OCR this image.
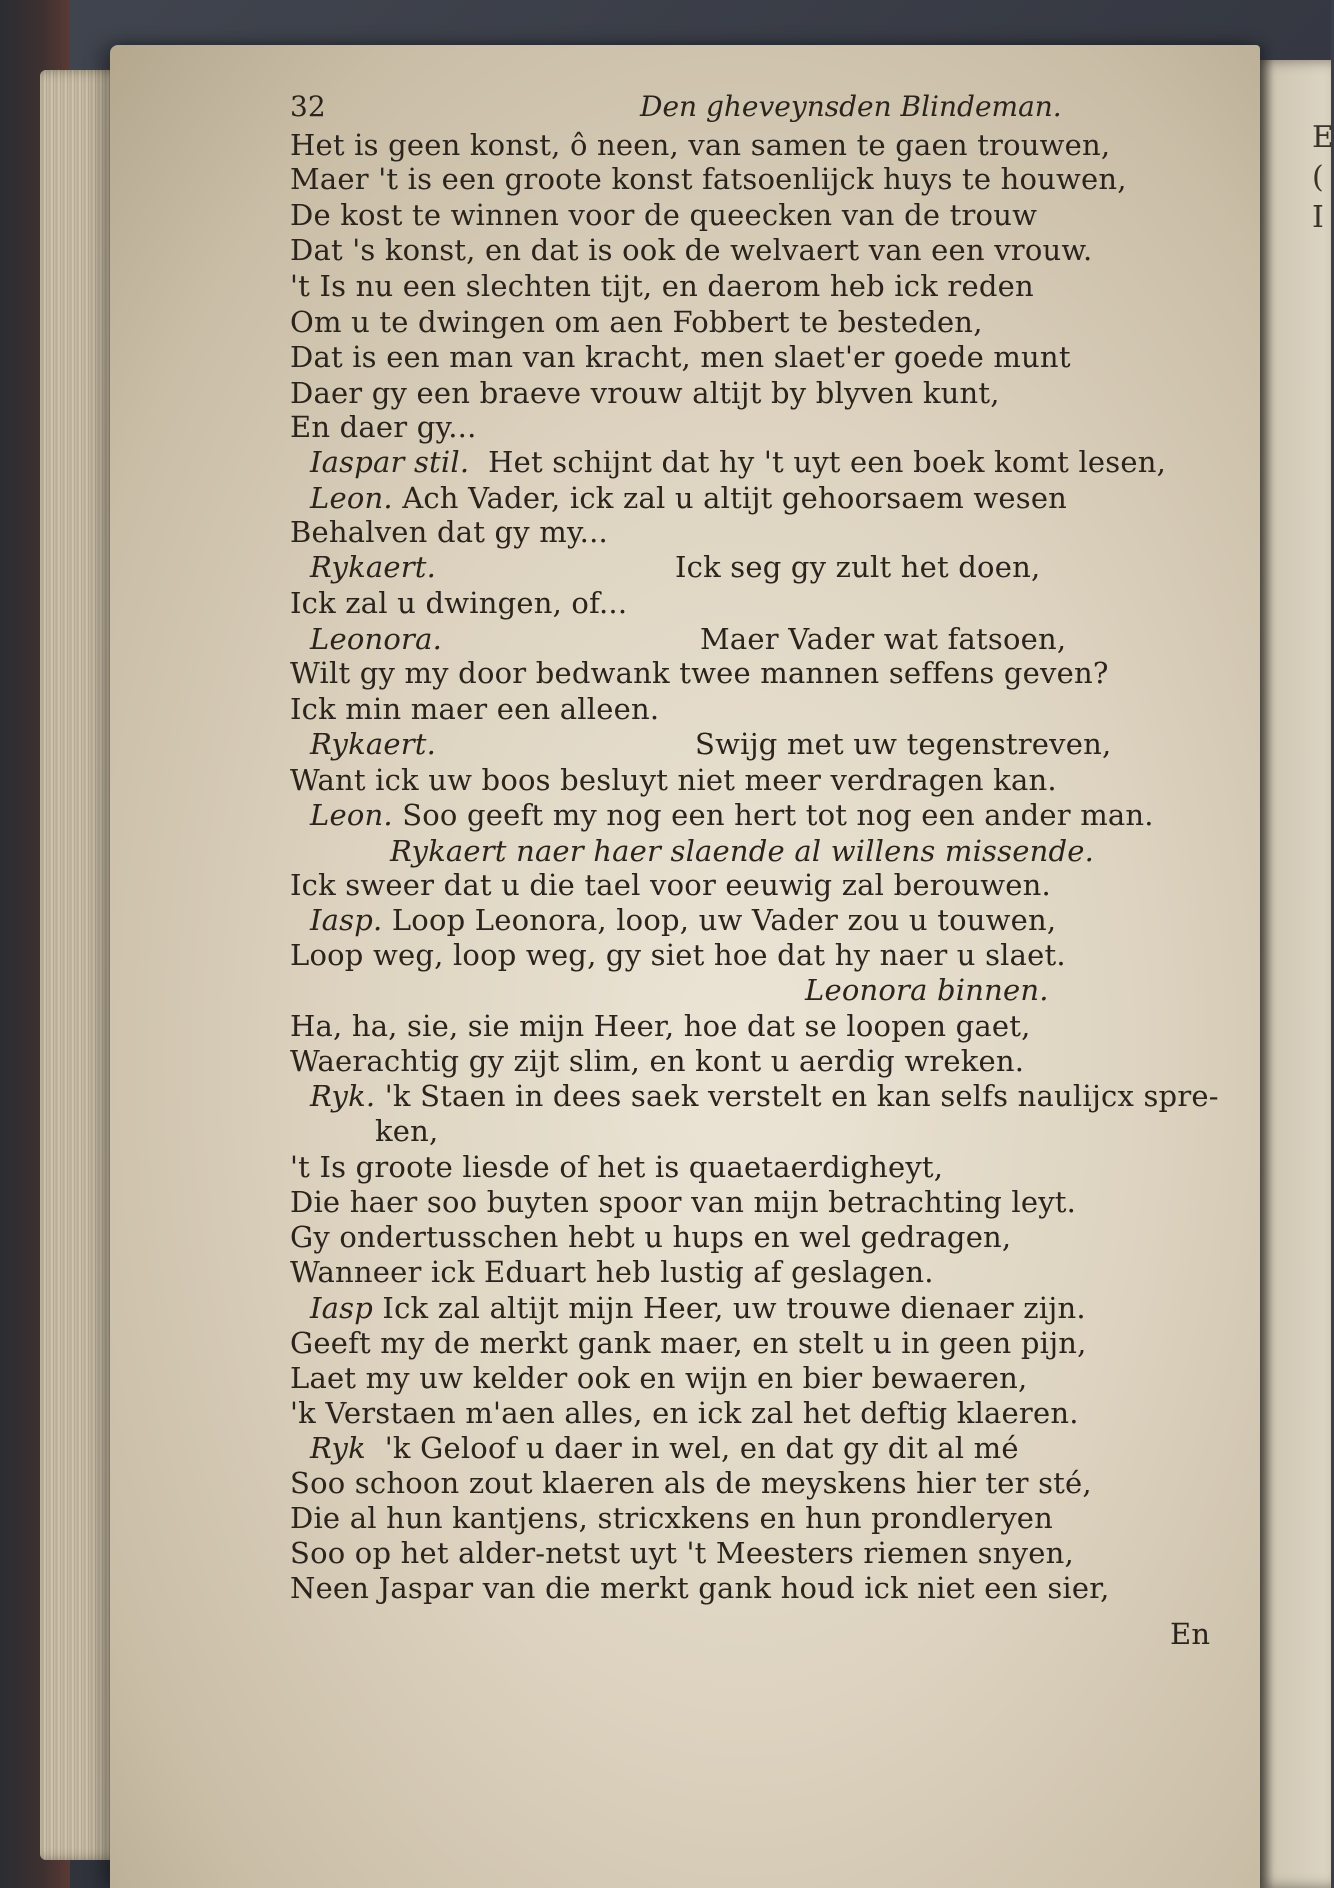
E
(
I
32	Den gheveynsden Blindeman.
Het is geen konst, ô neen, van samen te gaen trouwen,
Maer 't is een groote konst fatsoenlijck huys te houwen,
De kost te winnen voor de queecken van de trouw
Dat 's konst, en dat is ook de welvaert van een vrouw.
't Is nu een slechten tijt, en daerom heb ick reden
Om u te dwingen om aen Fobbert te besteden,
Dat is een man van kracht, men slaet'er goede munt
Daer gy een braeve vrouw altijt by blyven kunt,
En daer gy...
Iaspar stil. Het schijnt dat hy 't uyt een boek komt lesen,
Leon. Ach Vader, ick zal u altijt gehoorsaem wesen
Behalven dat gy my...
Rykaert.	Ick seg gy zult het doen,
Ick zal u dwingen, of...
Leonora.	Maer Vader wat fatsoen,
Wilt gy my door bedwank twee mannen seffens geven?
Ick min maer een alleen.
Rykaert.	Swijg met uw tegenstreven,
Want ick uw boos besluyt niet meer verdragen kan.
Leon. Soo geeft my nog een hert tot nog een ander man.
Rykaert naer haer slaende al willens missende.
Ick sweer dat u die tael voor eeuwig zal berouwen.
Iasp. Loop Leonora, loop, uw Vader zou u touwen,
Loop weg, loop weg, gy siet hoe dat hy naer u slaet.
Leonora binnen.
Ha, ha, sie, sie mijn Heer, hoe dat se loopen gaet,
Waerachtig gy zijt slim, en kont u aerdig wreken.
Ryk. 'k Staen in dees saek verstelt en kan selfs naulijcx spre-
ken,
't Is groote liesde of het is quaetaerdigheyt,
Die haer soo buyten spoor van mijn betrachting leyt.
Gy ondertusschen hebt u hups en wel gedragen,
Wanneer ick Eduart heb lustig af geslagen.
Iasp Ick zal altijt mijn Heer, uw trouwe dienaer zijn.
Geeft my de merkt gank maer, en stelt u in geen pijn,
Laet my uw kelder ook en wijn en bier bewaeren,
'k Verstaen m'aen alles, en ick zal het deftig klaeren.
Ryk 'k Geloof u daer in wel, en dat gy dit al mé
Soo schoon zout klaeren als de meyskens hier ter sté,
Die al hun kantjens, stricxkens en hun prondleryen
Soo op het alder-netst uyt 't Meesters riemen snyen,
Neen Jaspar van die merkt gank houd ick niet een sier,
En
